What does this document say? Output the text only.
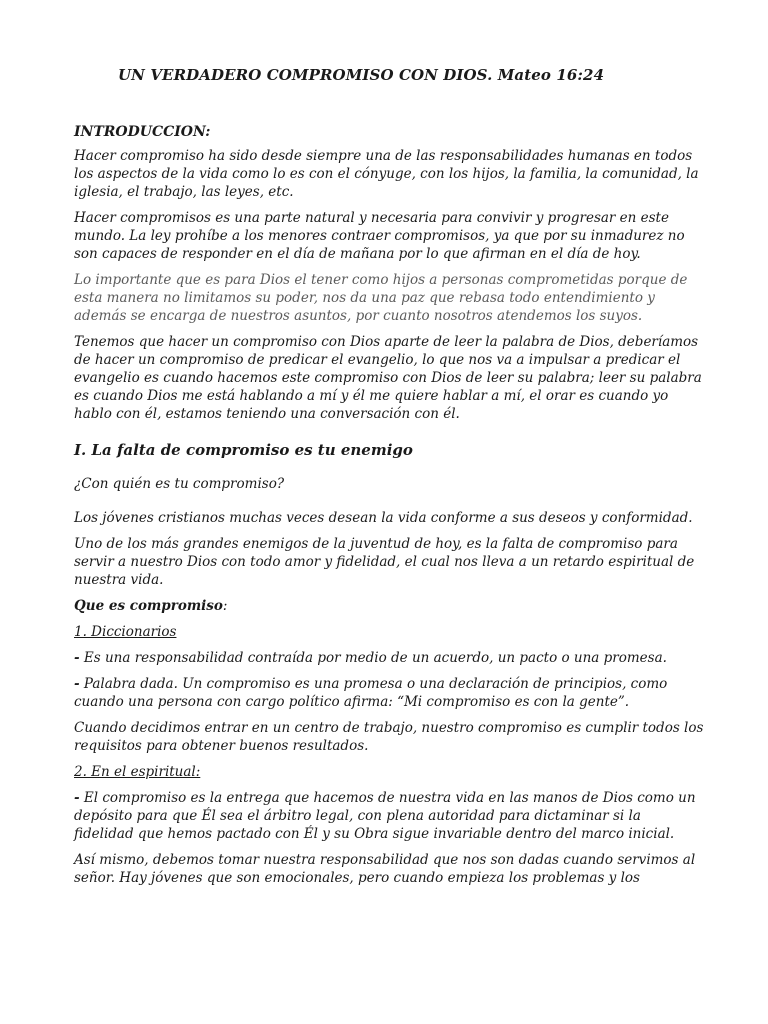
UN VERDADERO COMPROMISO CON DIOS. Mateo 16:24

INTRODUCCION:

Hacer compromiso ha sido desde siempre una de las responsabilidades humanas en todos
los aspectos de la vida como lo es con el cónyuge, con los hijos, la familia, la comunidad, la
iglesia, el trabajo, las leyes, etc.

Hacer compromisos es una parte natural y necesaria para convivir y progresar en este
mundo. La ley prohíbe a los menores contraer compromisos, ya que por su inmadurez no
son capaces de responder en el día de mañana por lo que afirman en el día de hoy.

Lo importante que es para Dios el tener como hijos a personas comprometidas porque de
esta manera no limitamos su poder, nos da una paz que rebasa todo entendimiento y
además se encarga de nuestros asuntos, por cuanto nosotros atendemos los suyos.

Tenemos que hacer un compromiso con Dios aparte de leer la palabra de Dios, deberíamos
de hacer un compromiso de predicar el evangelio, lo que nos va a impulsar a predicar el
evangelio es cuando hacemos este compromiso con Dios de leer su palabra; leer su palabra
es cuando Dios me está hablando a mí y él me quiere hablar a mí, el orar es cuando yo
hablo con él, estamos teniendo una conversación con él.

I. La falta de compromiso es tu enemigo

¿Con quién es tu compromiso?

Los jóvenes cristianos muchas veces desean la vida conforme a sus deseos y conformidad.

Uno de los más grandes enemigos de la juventud de hoy, es la falta de compromiso para
servir a nuestro Dios con todo amor y fidelidad, el cual nos lleva a un retardo espiritual de
nuestra vida.

Que es compromiso:

1. Diccionarios

- Es una responsabilidad contraída por medio de un acuerdo, un pacto o una promesa.

- Palabra dada. Un compromiso es una promesa o una declaración de principios, como
cuando una persona con cargo político afirma: “Mi compromiso es con la gente”.

Cuando decidimos entrar en un centro de trabajo, nuestro compromiso es cumplir todos los
requisitos para obtener buenos resultados.

2. En el espiritual:

- El compromiso es la entrega que hacemos de nuestra vida en las manos de Dios como un
depósito para que Él sea el árbitro legal, con plena autoridad para dictaminar si la
fidelidad que hemos pactado con Él y su Obra sigue invariable dentro del marco inicial.

Así mismo, debemos tomar nuestra responsabilidad que nos son dadas cuando servimos al
señor. Hay jóvenes que son emocionales, pero cuando empieza los problemas y los
